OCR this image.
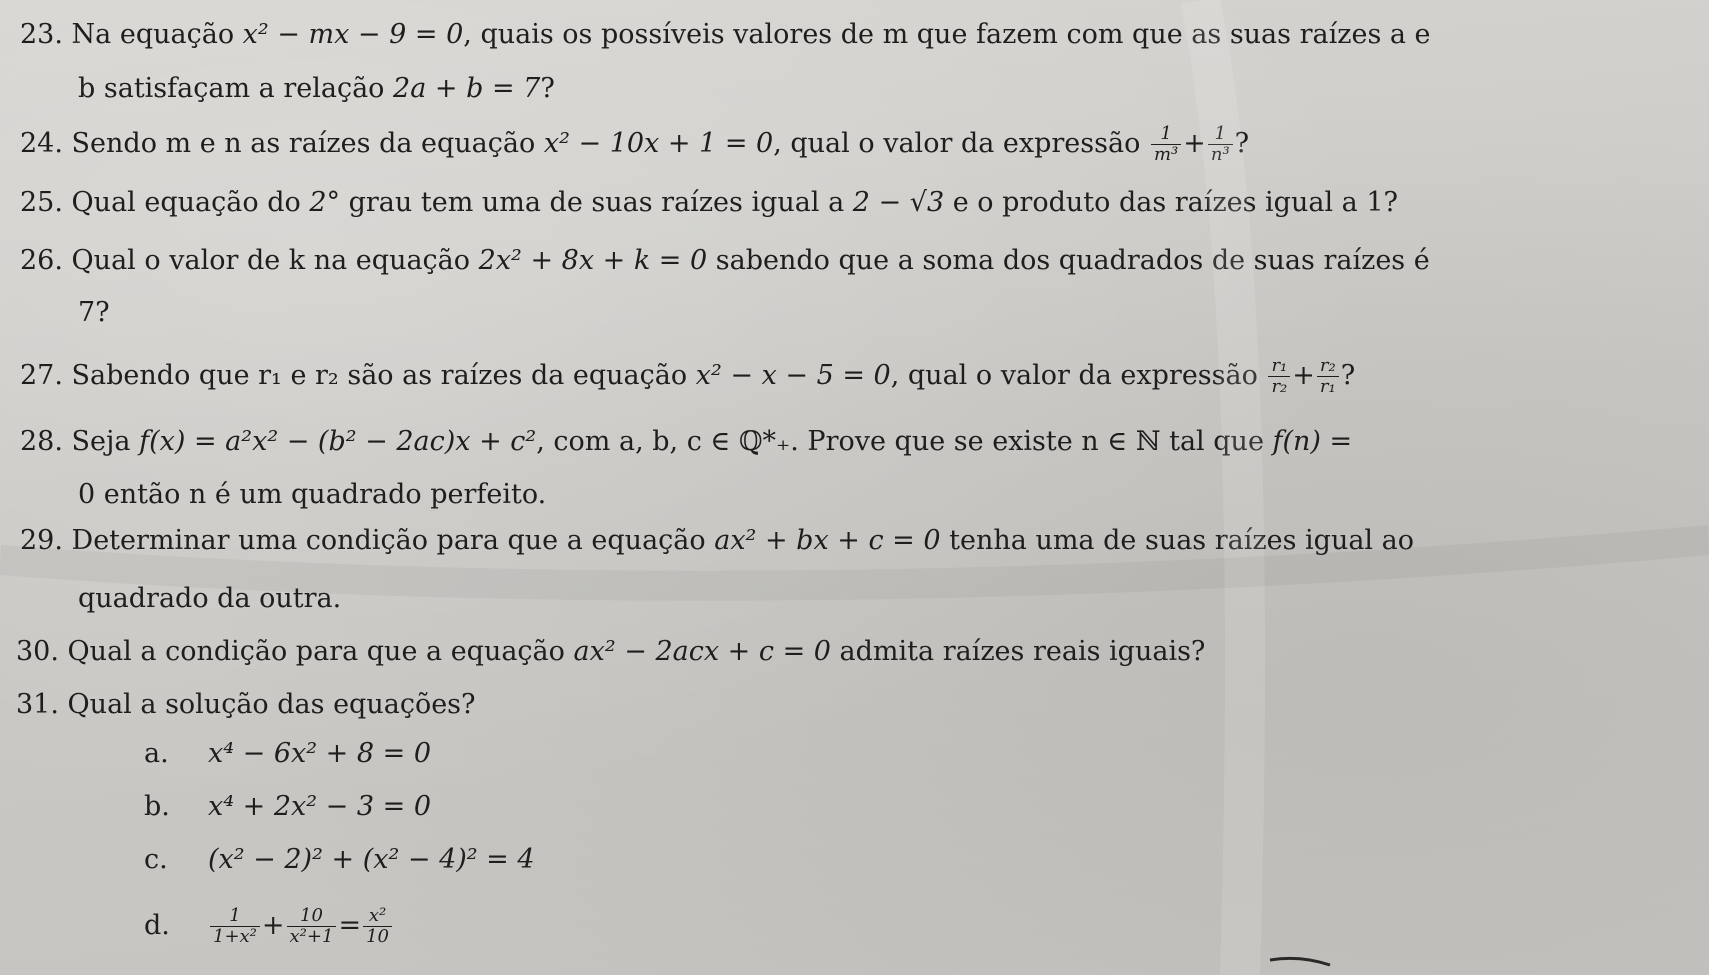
23. Na equação x² − mx − 9 = 0, quais os possíveis valores de m que fazem com que as suas raízes a e
b satisfaçam a relação 2a + b = 7?
24. Sendo m e n as raízes da equação x² − 10x + 1 = 0, qual o valor da expressão $\frac{1}{\text{m³}} + \frac{1}{\text{n³}}$ ?
25. Qual equação do 2° grau tem uma de suas raízes igual a 2 − √3 e o produto das raízes igual a 1?
26. Qual o valor de k na equação 2x² + 8x + k = 0 sabendo que a soma dos quadrados de suas raízes é
7?
27. Sabendo que r₁ e r₂ são as raízes da equação x² − x − 5 = 0, qual o valor da expressão $\frac{\text{r₁}}{\text{r₂}} + \frac{\text{r₂}}{\text{r₁}}$ ?
28. Seja f(x) = a²x² − (b² − 2ac)x + c², com a, b, c ∈ ℚ*₊. Prove que se existe n ∈ ℕ tal que f(n) =
0 então n é um quadrado perfeito.
29. Determinar uma condição para que a equação ax² + bx + c = 0 tenha uma de suas raízes igual ao
quadrado da outra.
30. Qual a condição para que a equação ax² − 2acx + c = 0 admita raízes reais iguais?
31. Qual a solução das equações?
a. x⁴ − 6x² + 8 = 0
b. x⁴ + 2x² − 3 = 0
c. (x² − 2)² + (x² − 4)² = 4
d. $\frac{1}{\text{1+x²}} + \frac{10}{\text{x²+1}} = \frac{\text{x²}}{10}$
